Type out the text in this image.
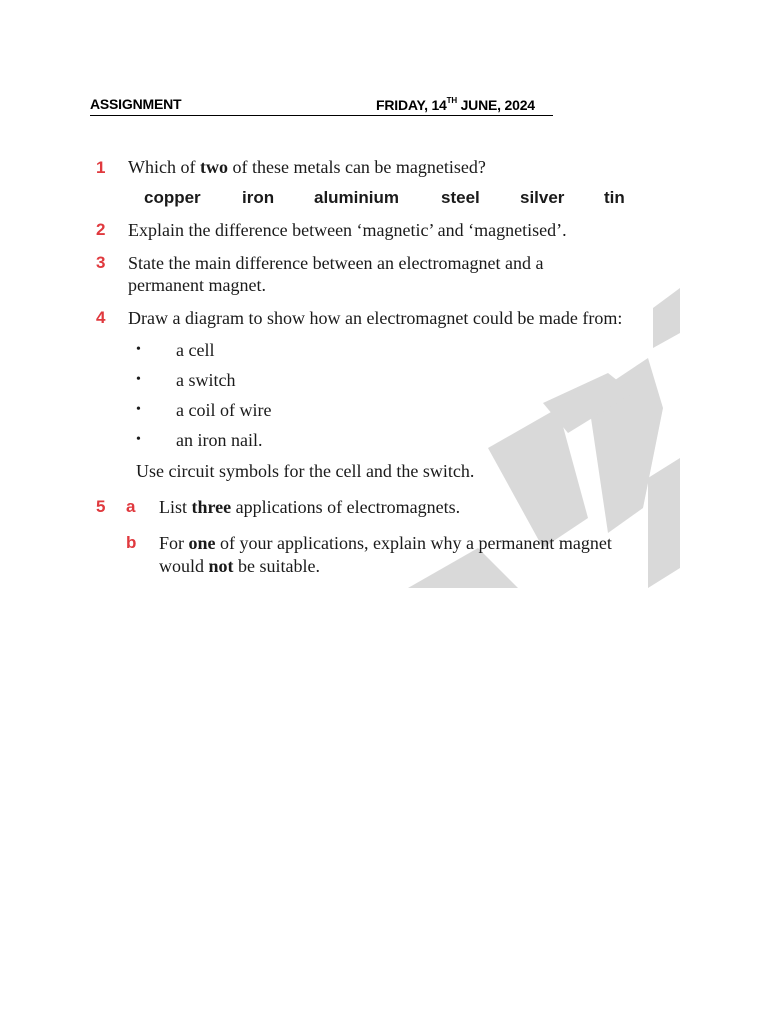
ASSIGNMENT	FRIDAY, 14TH JUNE, 2024
1 Which of two of these metals can be magnetised?
copper iron aluminium steel silver tin
2 Explain the difference between ‘magnetic’ and ‘magnetised’.
3 State the main difference between an electromagnet and a
permanent magnet.
4 Draw a diagram to show how an electromagnet could be made from:
• a cell
• a switch
• a coil of wire
• an iron nail.
Use circuit symbols for the cell and the switch.
5 a List three applications of electromagnets.
b For one of your applications, explain why a permanent magnet
would not be suitable.
